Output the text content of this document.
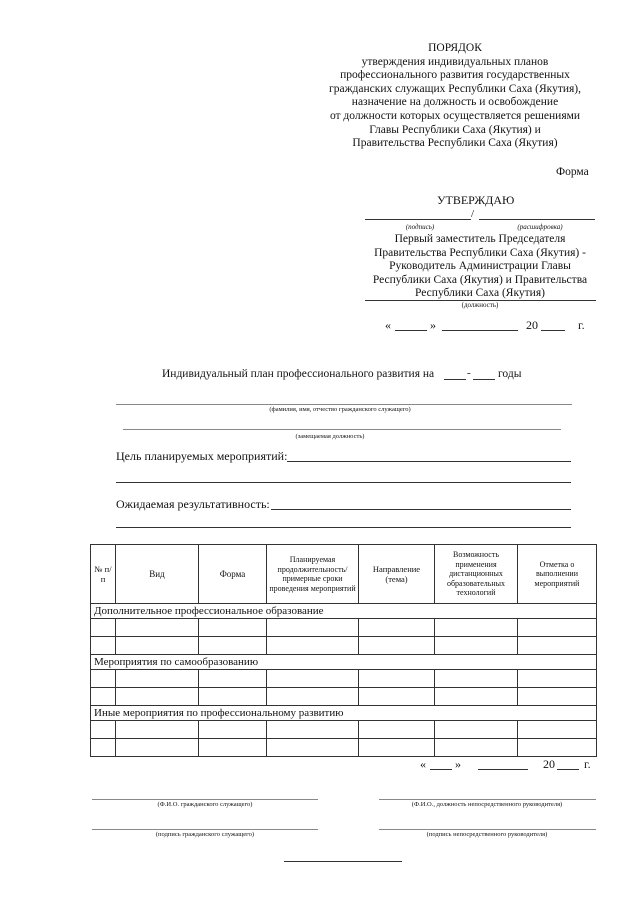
ПОРЯДОК
утверждения индивидуальных планов
профессионального развития государственных
гражданских служащих Республики Саха (Якутия),
назначение на должность и освобождение
от должности которых осуществляется решениями
Главы Республики Саха (Якутия) и
Правительства Республики Саха (Якутия)
Форма
УТВЕРЖДАЮ
/
(подпись)	(расшифровка)
Первый заместитель Председателя
Правительства Республики Саха (Якутия) -
Руководитель Администрации Главы
Республики Саха (Якутия) и Правительства
Республики Саха (Якутия)
(должность)
«	»	20	г.
Индивидуальный план профессионального развития на	- годы
(фамилия, имя, отчество гражданского служащего)
(замещаемая должность)
Цель планируемых мероприятий:
Ожидаемая результативность:
№ п/п	Вид	Форма	Планируемая продолжительность/ примерные сроки проведения мероприятий	Направление (тема)	Возможность применения дистанционных образовательных технологий	Отметка о выполнении мероприятий
Дополнительное профессиональное образование						

Мероприятия по самообразованию						

Иные мероприятия по профессиональному развитию						

« »	20 г.
(Ф.И.О. гражданского служащего)	(Ф.И.О., должность непосредственного руководителя)
(подпись гражданского служащего)	(подпись непосредственного руководителя)
